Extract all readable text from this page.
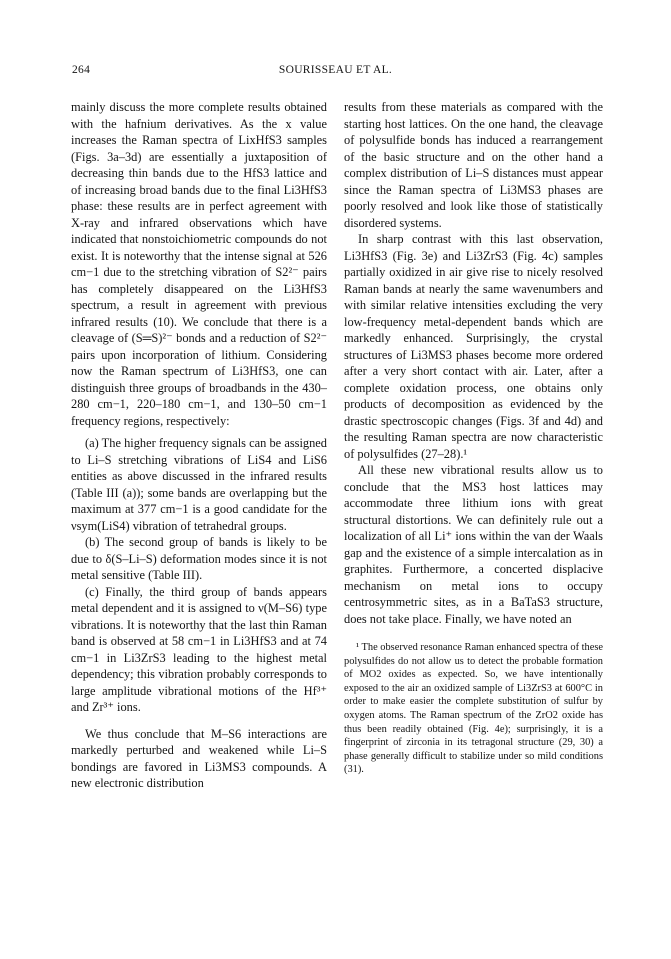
264	SOURISSEAU ET AL.

mainly discuss the more complete results obtained with the hafnium derivatives. As the x value increases the Raman spectra of LixHfS3 samples (Figs. 3a–3d) are essentially a juxtaposition of decreasing thin bands due to the HfS3 lattice and of increasing broad bands due to the final Li3HfS3 phase: these results are in perfect agreement with X-ray and infrared observations which have indicated that nonstoichiometric compounds do not exist. It is noteworthy that the intense signal at 526 cm−1 due to the stretching vibration of S2²⁻ pairs has completely disappeared on the Li3HfS3 spectrum, a result in agreement with previous infrared results (10). We conclude that there is a cleavage of (S═S)²⁻ bonds and a reduction of S2²⁻ pairs upon incorporation of lithium. Considering now the Raman spectrum of Li3HfS3, one can distinguish three groups of broadbands in the 430–280 cm−1, 220–180 cm−1, and 130–50 cm−1 frequency regions, respectively:

(a) The higher frequency signals can be assigned to Li–S stretching vibrations of LiS4 and LiS6 entities as above discussed in the infrared results (Table III (a)); some bands are overlapping but the maximum at 377 cm−1 is a good candidate for the νsym(LiS4) vibration of tetrahedral groups.

(b) The second group of bands is likely to be due to δ(S–Li–S) deformation modes since it is not metal sensitive (Table III).

(c) Finally, the third group of bands appears metal dependent and it is assigned to ν(M–S6) type vibrations. It is noteworthy that the last thin Raman band is observed at 58 cm−1 in Li3HfS3 and at 74 cm−1 in Li3ZrS3 leading to the highest metal dependency; this vibration probably corresponds to large amplitude vibrational motions of the Hf³⁺ and Zr³⁺ ions.

We thus conclude that M–S6 interactions are markedly perturbed and weakened while Li–S bondings are favored in Li3MS3 compounds. A new electronic distribution

results from these materials as compared with the starting host lattices. On the one hand, the cleavage of polysulfide bonds has induced a rearrangement of the basic structure and on the other hand a complex distribution of Li–S distances must appear since the Raman spectra of Li3MS3 phases are poorly resolved and look like those of statistically disordered systems.

In sharp contrast with this last observation, Li3HfS3 (Fig. 3e) and Li3ZrS3 (Fig. 4c) samples partially oxidized in air give rise to nicely resolved Raman bands at nearly the same wavenumbers and with similar relative intensities excluding the very low-frequency metal-dependent bands which are markedly enhanced. Surprisingly, the crystal structures of Li3MS3 phases become more ordered after a very short contact with air. Later, after a complete oxidation process, one obtains only products of decomposition as evidenced by the drastic spectroscopic changes (Figs. 3f and 4d) and the resulting Raman spectra are now characteristic of polysulfides (27–28).¹

All these new vibrational results allow us to conclude that the MS3 host lattices may accommodate three lithium ions with great structural distortions. We can definitely rule out a localization of all Li⁺ ions within the van der Waals gap and the existence of a simple intercalation as in graphites. Furthermore, a concerted displacive mechanism on metal ions to occupy centrosymmetric sites, as in a BaTaS3 structure, does not take place. Finally, we have noted an

¹ The observed resonance Raman enhanced spectra of these polysulfides do not allow us to detect the probable formation of MO2 oxides as expected. So, we have intentionally exposed to the air an oxidized sample of Li3ZrS3 at 600°C in order to make easier the complete substitution of sulfur by oxygen atoms. The Raman spectrum of the ZrO2 oxide has thus been readily obtained (Fig. 4e); surprisingly, it is a fingerprint of zirconia in its tetragonal structure (29, 30) a phase generally difficult to stabilize under so mild conditions (31).
